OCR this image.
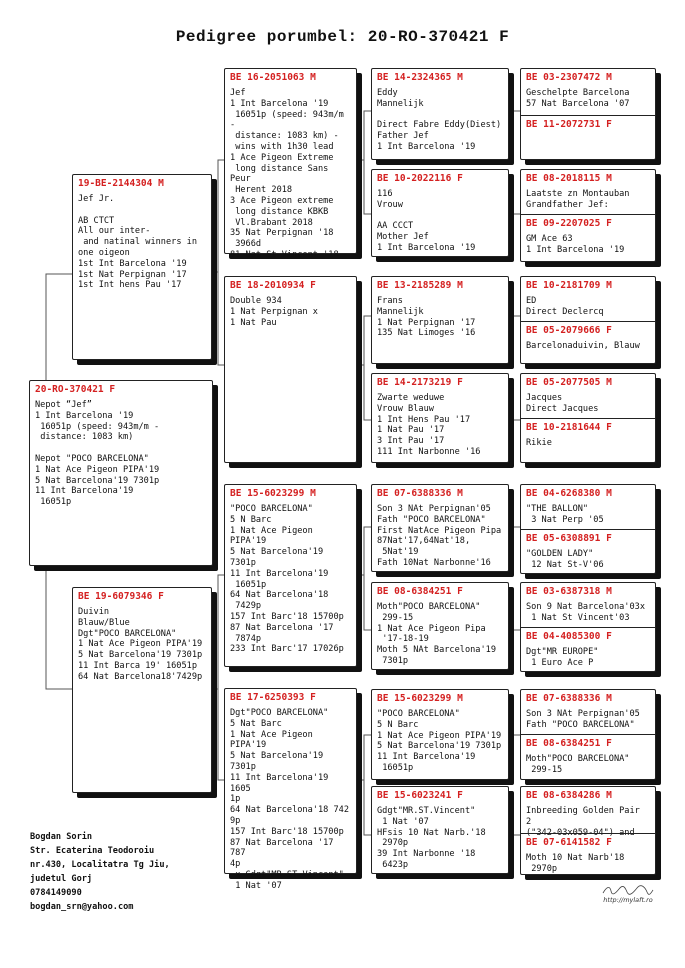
Pedigree porumbel: 20-RO-370421 F
20-RO-370421 F
Nepot “Jef”
1 Int Barcelona '19
16051p (speed: 943m/m -
distance: 1083 km)

Nepot "POCO BARCELONA"
1 Nat Ace Pigeon PIPA'19
5 Nat Barcelona'19 7301p
11 Int Barcelona'19
16051p
19-BE-2144304 M
Jef Jr.

AB CTCT
All our inter-
and natinal winners in
one oigeon
1st Int Barcelona '19
1st Nat Perpignan '17
1st Int hens Pau '17
BE 19-6079346 F
Duivin
Blauw/Blue
Dgt"POCO BARCELONA"
1 Nat Ace Pigeon PIPA'19
5 Nat Barcelona'19 7301p
11 Int Barca 19' 16051p
64 Nat Barcelona18'7429p
BE 16-2051063 M
Jef
1 Int Barcelona '19
16051p (speed: 943m/m -
distance: 1083 km) -
wins with 1h30 lead
1 Ace Pigeon Extreme
long distance Sans Peur
Herent 2018
3 Ace Pigeon extreme
long distance KBKB
Vl.Brabant 2018
35 Nat Perpignan '18
3966d
81 Nat St Vincent '18
BE 18-2010934 F
Double 934
1 Nat Perpignan x
1 Nat Pau
BE 15-6023299 M
"POCO BARCELONA"
5 N Barc
1 Nat Ace Pigeon PIPA'19
5 Nat Barcelona'19 7301p
11 Int Barcelona'19
16051p
64 Nat Barcelona'18
7429p
157 Int Barc'18 15700p
87 Nat Barcelona '17
7874p
233 Int Barc'17 17026p
BE 17-6250393 F
Dgt"POCO BARCELONA"
5 Nat Barc
1 Nat Ace Pigeon PIPA'19
5 Nat Barcelona'19 7301p
11 Int Barcelona'19 1605
1p
64 Nat Barcelona'18 742
9p
157 Int Barc'18 15700p
87 Nat Barcelona '17 787
4p
x Gdgt"MR.ST.Vincent"
1 Nat '07
BE 14-2324365 M
Eddy
Mannelijk

Direct Fabre Eddy(Diest)
Father Jef
1 Int Barcelona '19
BE 10-2022116 F
116
Vrouw

AA CCCT
Mother Jef
1 Int Barcelona '19
BE 13-2185289 M
Frans
Mannelijk
1 Nat Perpignan '17
135 Nat Limoges '16
BE 14-2173219 F
Zwarte weduwe
Vrouw Blauw
1 Int Hens Pau '17
1 Nat Pau '17
3 Int Pau '17
111 Int Narbonne '16
BE 07-6388336 M
Son 3 NAt Perpignan'05
Fath "POCO BARCELONA"
First NatAce Pigeon Pipa
87Nat'17,64Nat'18,
5Nat'19
Fath 10Nat Narbonne'16
BE 08-6384251 F
Moth"POCO BARCELONA"
299-15
1 Nat Ace Pigeon Pipa
'17-18-19
Moth 5 NAt Barcelona'19
7301p
BE 15-6023299 M
"POCO BARCELONA"
5 N Barc
1 Nat Ace Pigeon PIPA'19
5 Nat Barcelona'19 7301p
11 Int Barcelona'19
16051p
BE 15-6023241 F
Gdgt"MR.ST.Vincent"
1 Nat '07
HFsis 10 Nat Narb.'18
2970p
39 Int Narbonne '18
6423p
BE 03-2307472 M
Geschelpte Barcelona
57 Nat Barcelona '07
BE 11-2072731 F
BE 08-2018115 M
Laatste zn Montauban
Grandfather Jef:
BE 09-2207025 F
GM Ace 63
1 Int Barcelona '19
BE 10-2181709 M
ED
Direct Declercq
BE 05-2079666 F
Barcelonaduivin, Blauw
BE 05-2077505 M
Jacques
Direct Jacques
BE 10-2181644 F
Rikie
BE 04-6268380 M
"THE BALLON"
3 Nat Perp '05
BE 05-6308891 F
"GOLDEN LADY"
12 Nat St-V'06
BE 03-6387318 M
Son 9 Nat Barcelona'03x
1 Nat St Vincent'03
BE 04-4085300 F
Dgt"MR EUROPE"
1 Euro Ace P
BE 07-6388336 M
Son 3 NAt Perpignan'05
Fath "POCO BARCELONA"
BE 08-6384251 F
Moth"POCO BARCELONA"
299-15
BE 08-6384286 M
Inbreeding Golden Pair 2
("342-03x059-04") and
BE 07-6141582 F
Moth 10 Nat Narb'18
2970p
Bogdan Sorin
Str. Ecaterina Teodoroiu
nr.430, Localitatra Tg Jiu,
judetul Gorj
0784149090
bogdan_srn@yahoo.com
http://mylaft.ro
